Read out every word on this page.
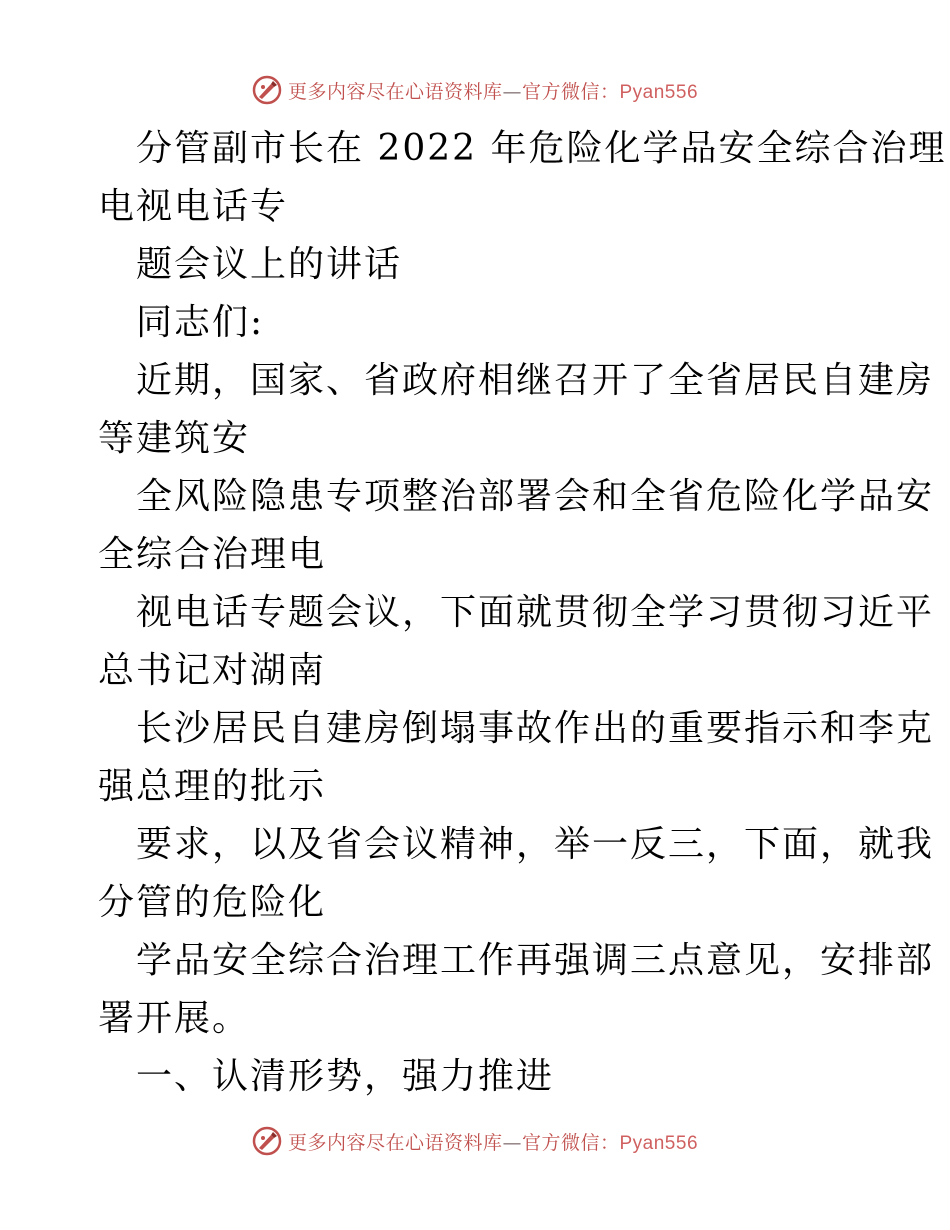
更多内容尽在心语资料库—官方微信：Pyan556
分管副市长在 2022 年危险化学品安全综合治理
电视电话专
题会议上的讲话
同志们:
近期，国家、省政府相继召开了全省居民自建房
等建筑安
全风险隐患专项整治部署会和全省危险化学品安
全综合治理电
视电话专题会议，下面就贯彻全学习贯彻习近平
总书记对湖南
长沙居民自建房倒塌事故作出的重要指示和李克
强总理的批示
要求，以及省会议精神，举一反三，下面，就我
分管的危险化
学品安全综合治理工作再强调三点意见，安排部
署开展。
一、认清形势，强力推进
更多内容尽在心语资料库—官方微信：Pyan556
